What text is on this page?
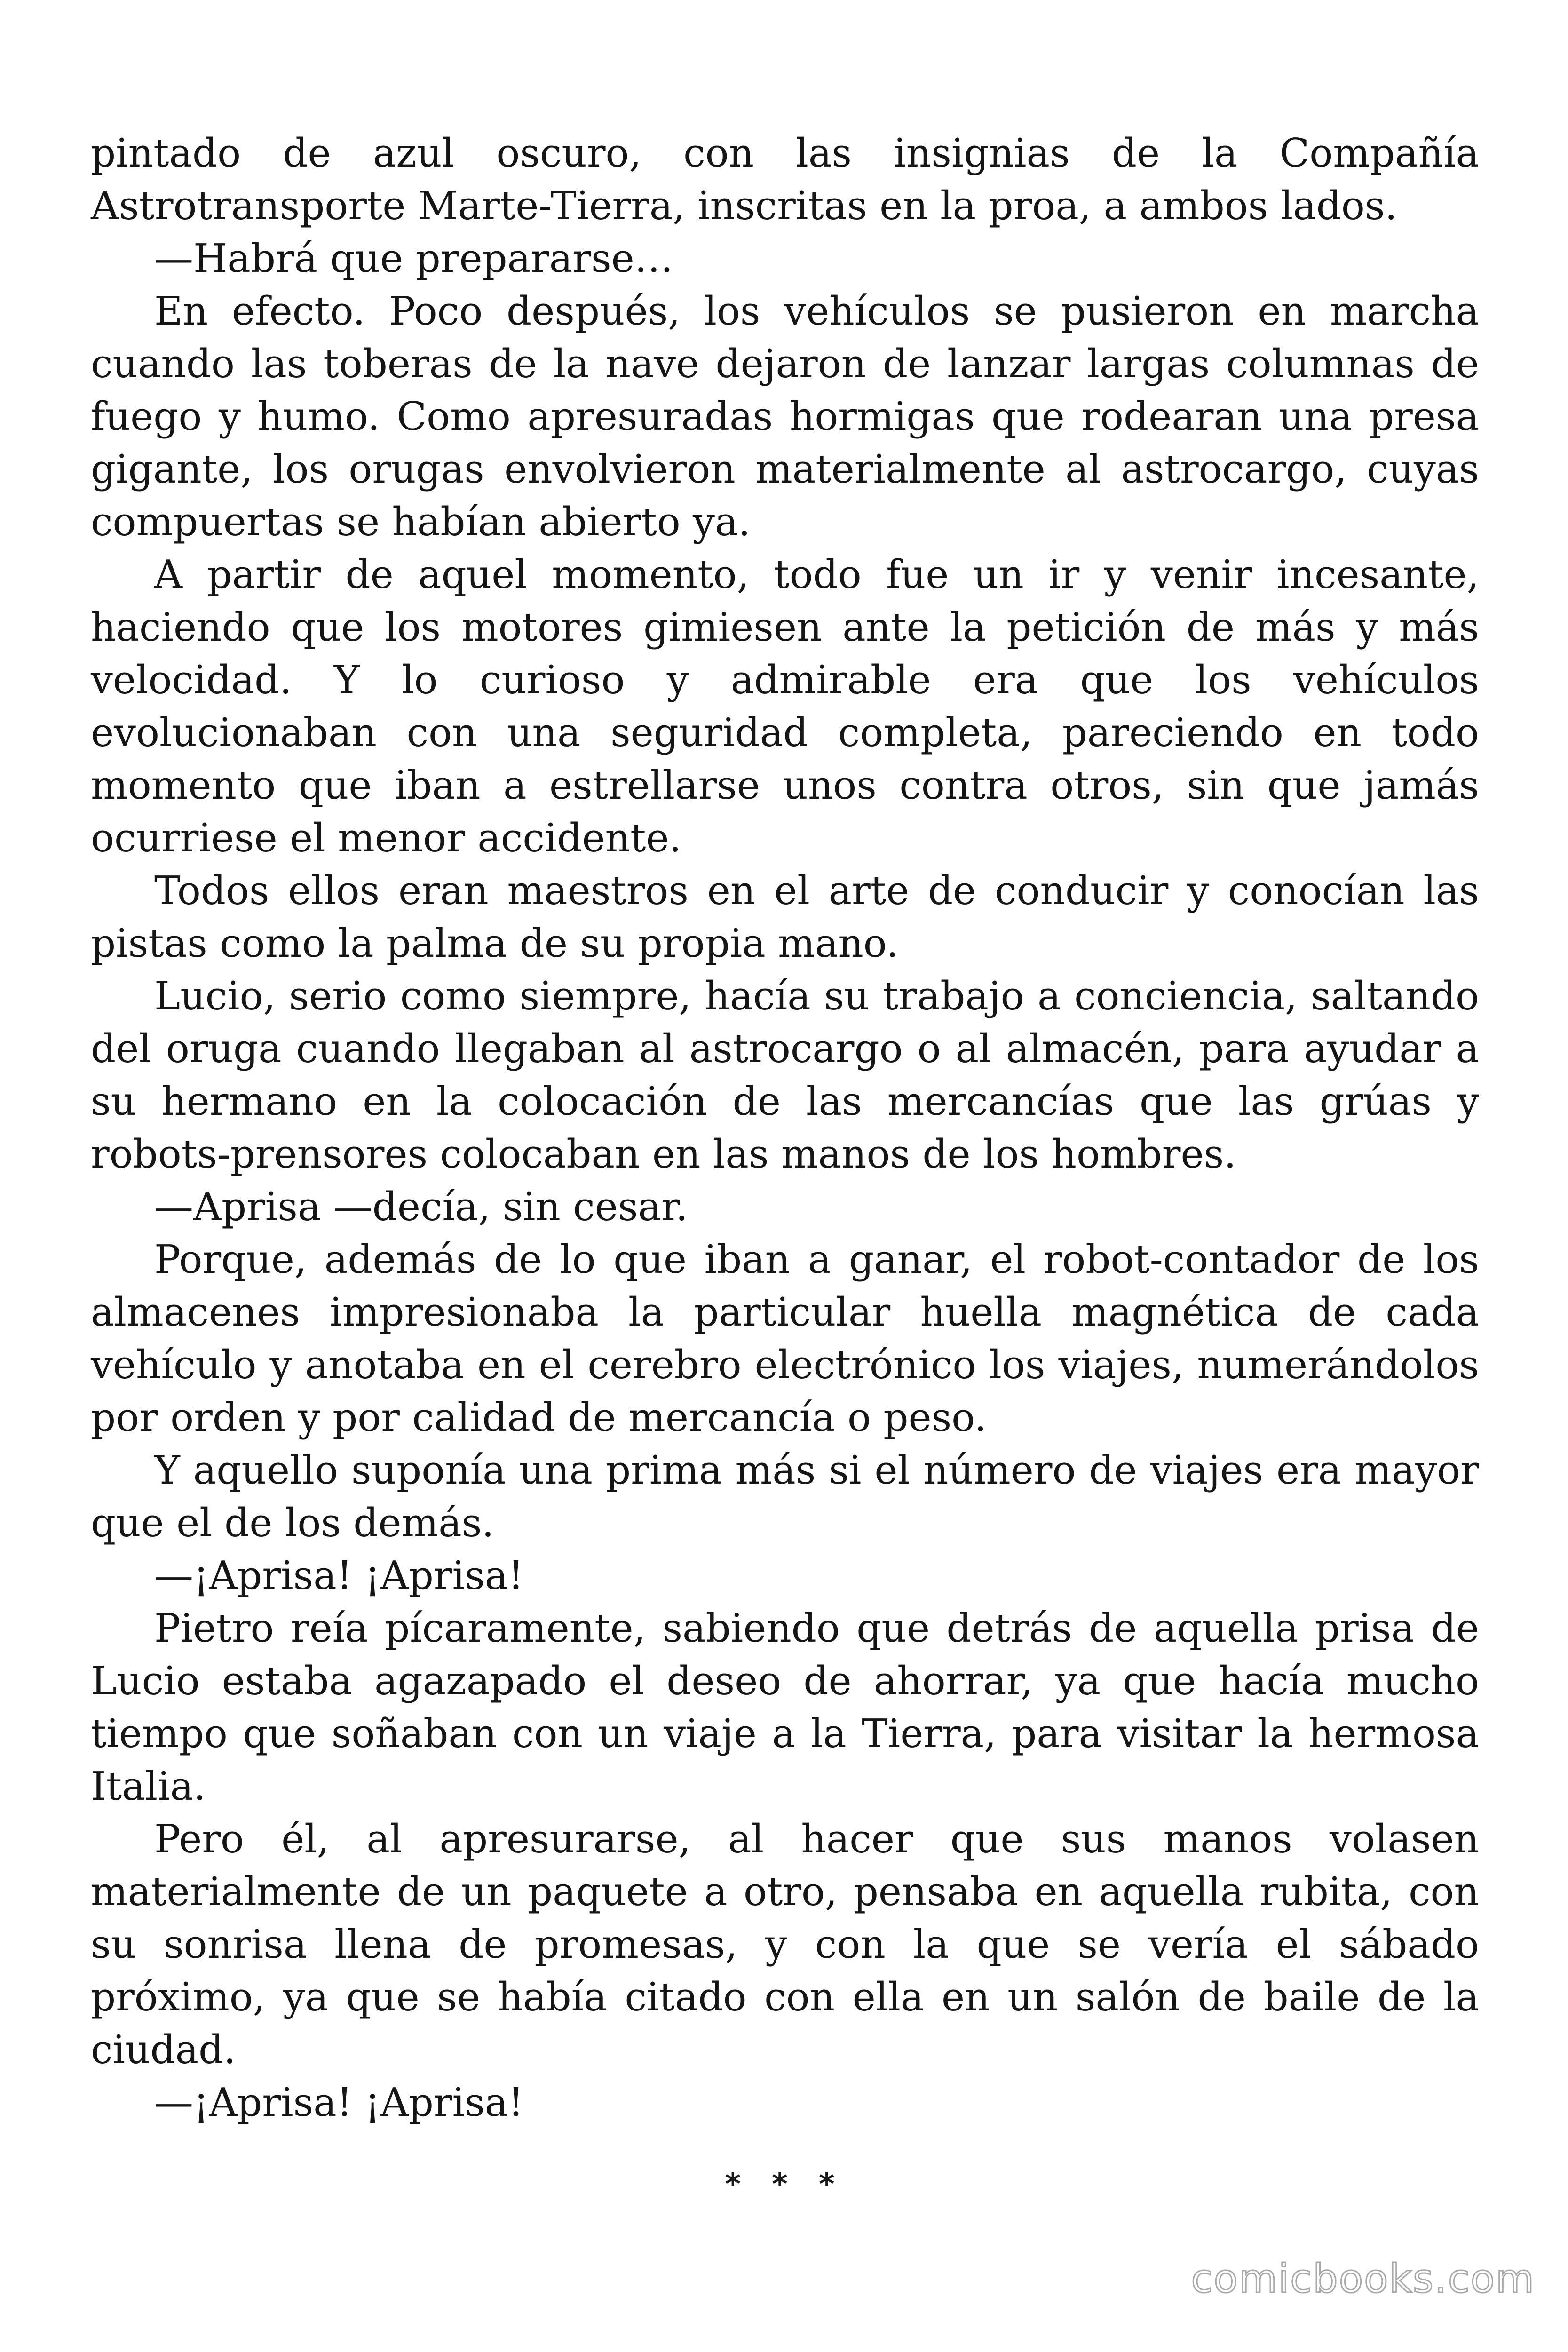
pintado de azul oscuro, con las insignias de la Compañía Astrotransporte Marte-Tierra, inscritas en la proa, a ambos lados.

—Habrá que prepararse…

En efecto. Poco después, los vehículos se pusieron en marcha cuando las toberas de la nave dejaron de lanzar largas columnas de fuego y humo. Como apresuradas hormigas que rodearan una presa gigante, los orugas envolvieron materialmente al astrocargo, cuyas compuertas se habían abierto ya.

A partir de aquel momento, todo fue un ir y venir incesante, haciendo que los motores gimiesen ante la petición de más y más velocidad. Y lo curioso y admirable era que los vehículos evolucionaban con una seguridad completa, pareciendo en todo momento que iban a estrellarse unos contra otros, sin que jamás ocurriese el menor accidente.

Todos ellos eran maestros en el arte de conducir y conocían las pistas como la palma de su propia mano.

Lucio, serio como siempre, hacía su trabajo a conciencia, saltando del oruga cuando llegaban al astrocargo o al almacén, para ayudar a su hermano en la colocación de las mercancías que las grúas y robots-prensores colocaban en las manos de los hombres.

—Aprisa —decía, sin cesar.

Porque, además de lo que iban a ganar, el robot-contador de los almacenes impresionaba la particular huella magnética de cada vehículo y anotaba en el cerebro electrónico los viajes, numerándolos por orden y por calidad de mercancía o peso.

Y aquello suponía una prima más si el número de viajes era mayor que el de los demás.

—¡Aprisa! ¡Aprisa!

Pietro reía pícaramente, sabiendo que detrás de aquella prisa de Lucio estaba agazapado el deseo de ahorrar, ya que hacía mucho tiempo que soñaban con un viaje a la Tierra, para visitar la hermosa Italia.

Pero él, al apresurarse, al hacer que sus manos volasen materialmente de un paquete a otro, pensaba en aquella rubita, con su sonrisa llena de promesas, y con la que se vería el sábado próximo, ya que se había citado con ella en un salón de baile de la ciudad.

—¡Aprisa! ¡Aprisa!

* * *
comicbooks.com
